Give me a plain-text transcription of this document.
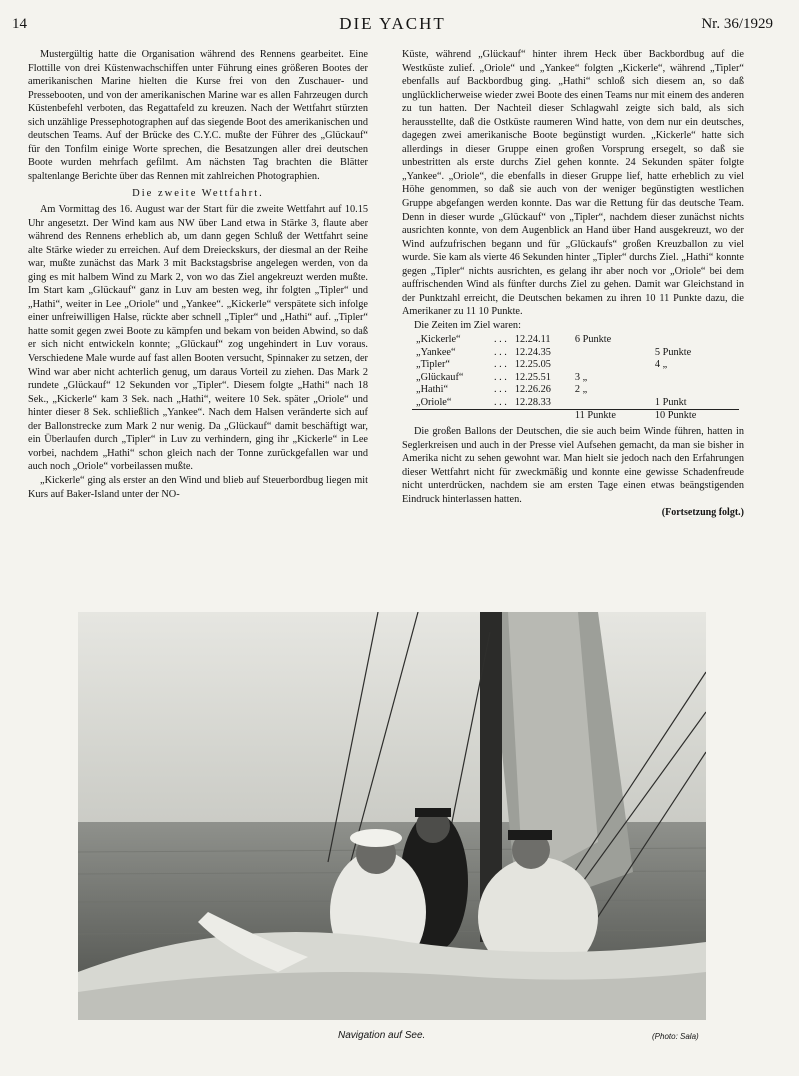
14	DIE YACHT	Nr. 36/1929

Mustergültig hatte die Organisation während des Rennens gearbeitet. Eine Flottille von drei Küstenwachschiffen unter Führung eines größeren Bootes der amerikanischen Marine hielten die Kurse frei von den Zuschauer- und Pressebooten, und von der amerikanischen Marine war es allen Fahrzeugen durch Küstenbefehl verboten, das Regattafeld zu kreuzen. Nach der Wettfahrt stürzten sich unzählige Pressephotographen auf das siegende Boot des amerikanischen und deutschen Teams. Auf der Brücke des C.Y.C. mußte der Führer des „Glückauf“ für den Tonfilm einige Worte sprechen, die Besatzungen aller drei deutschen Boote wurden mehrfach gefilmt. Am nächsten Tag brachten die Blätter spaltenlange Berichte über das Rennen mit zahlreichen Photographien.

Die zweite Wettfahrt.

Am Vormittag des 16. August war der Start für die zweite Wettfahrt auf 10.15 Uhr angesetzt. Der Wind kam aus NW über Land etwa in Stärke 3, flaute aber während des Rennens erheblich ab, um dann gegen Schluß der Wettfahrt seine alte Stärke wieder zu erreichen. Auf dem Dreieckskurs, der diesmal an der Reihe war, mußte zunächst das Mark 3 mit Backstagsbrise angelegen werden, von da ging es mit halbem Wind zu Mark 2, von wo das Ziel angekreuzt werden mußte. Im Start kam „Glückauf“ ganz in Luv am besten weg, ihr folgten „Tipler“ und „Hathi“, weiter in Lee „Oriole“ und „Yankee“. „Kickerle“ verspätete sich infolge einer unfreiwilligen Halse, rückte aber schnell „Tipler“ und „Hathi“ auf. „Tipler“ hatte somit gegen zwei Boote zu kämpfen und bekam von beiden Abwind, so daß er sich nicht entwickeln konnte; „Glückauf“ zog ungehindert in Luv voraus. Verschiedene Male wurde auf fast allen Booten versucht, Spinnaker zu setzen, der Wind war aber nicht achterlich genug, um daraus Vorteil zu ziehen. Das Mark 2 rundete „Glückauf“ 12 Sekunden vor „Tipler“. Diesem folgte „Hathi“ nach 18 Sek., „Kickerle“ kam 3 Sek. nach „Hathi“, weitere 10 Sek. später „Oriole“ und hinter dieser 8 Sek. schließlich „Yankee“. Nach dem Halsen veränderte sich auf der Ballonstrecke zum Mark 2 nur wenig. Da „Glückauf“ damit beschäftigt war, ein Überlaufen durch „Tipler“ in Luv zu verhindern, ging ihr „Kickerle“ in Lee vorbei, nachdem „Hathi“ schon gleich nach der Tonne zurückgefallen war und auch noch „Oriole“ vorbeilassen mußte.

„Kickerle“ ging als erster an den Wind und blieb auf Steuerbordbug liegen mit Kurs auf Baker-Island unter der NO-

Küste, während „Glückauf“ hinter ihrem Heck über Backbordbug auf die Westküste zulief. „Oriole“ und „Yankee“ folgten „Kickerle“, während „Tipler“ ebenfalls auf Backbordbug ging. „Hathi“ schloß sich diesem an, so daß unglücklicherweise wieder zwei Boote des einen Teams nur mit einem des anderen zu tun hatten. Der Nachteil dieser Schlagwahl zeigte sich bald, als sich herausstellte, daß die Ostküste raumeren Wind hatte, von dem nur ein deutsches, dagegen zwei amerikanische Boote begünstigt wurden. „Kickerle“ hatte sich allerdings in dieser Gruppe einen großen Vorsprung ersegelt, so daß sie unbestritten als erste durchs Ziel gehen konnte. 24 Sekunden später folgte „Yankee“. „Oriole“, die ebenfalls in dieser Gruppe lief, hatte erheblich zu viel Höhe genommen, so daß sie auch von der weniger begünstigten westlichen Gruppe abgefangen werden konnte. Das war die Rettung für das deutsche Team. Denn in dieser wurde „Glückauf“ von „Tipler“, nachdem dieser zunächst nichts ausrichten konnte, von dem Augenblick an Hand über Hand ausgekreuzt, wo der Wind aufzufrischen begann und für „Glückaufs“ großen Kreuzballon zu viel wurde. Sie kam als vierte 46 Sekunden hinter „Tipler“ durchs Ziel. „Hathi“ konnte gegen „Tipler“ nichts ausrichten, es gelang ihr aber noch vor „Oriole“ bei dem auffrischenden Wind als fünfter durchs Ziel zu gehen. Damit war Gleichstand in der Punktzahl erreicht, die Deutschen bekamen zu ihren 10 11 Punkte dazu, die Amerikaner zu 11 10 Punkte.

Die Zeiten im Ziel waren:

„Kickerle“	. . .	12.24.11	6 Punkte	
„Yankee“	. . .	12.24.35		5 Punkte
„Tipler“	. . .	12.25.05		4 „
„Glückauf“	. . .	12.25.51	3 „	
„Hathi“	. . .	12.26.26	2 „	
„Oriole“	. . .	12.28.33		1 Punkt
			11 Punkte	10 Punkte

Die großen Ballons der Deutschen, die sie auch beim Winde führen, hatten in Seglerkreisen und auch in der Presse viel Aufsehen gemacht, da man sie bisher in Amerika nicht zu sehen gewohnt war. Man hielt sie jedoch nach den Erfahrungen dieser Wettfahrt nicht für zweckmäßig und konnte eine gewisse Schadenfreude nicht unterdrücken, nachdem sie am ersten Tage einen etwas beängstigenden Eindruck hinterlassen hatten.

(Fortsetzung folgt.)
Navigation auf See.	(Photo: Sala)
